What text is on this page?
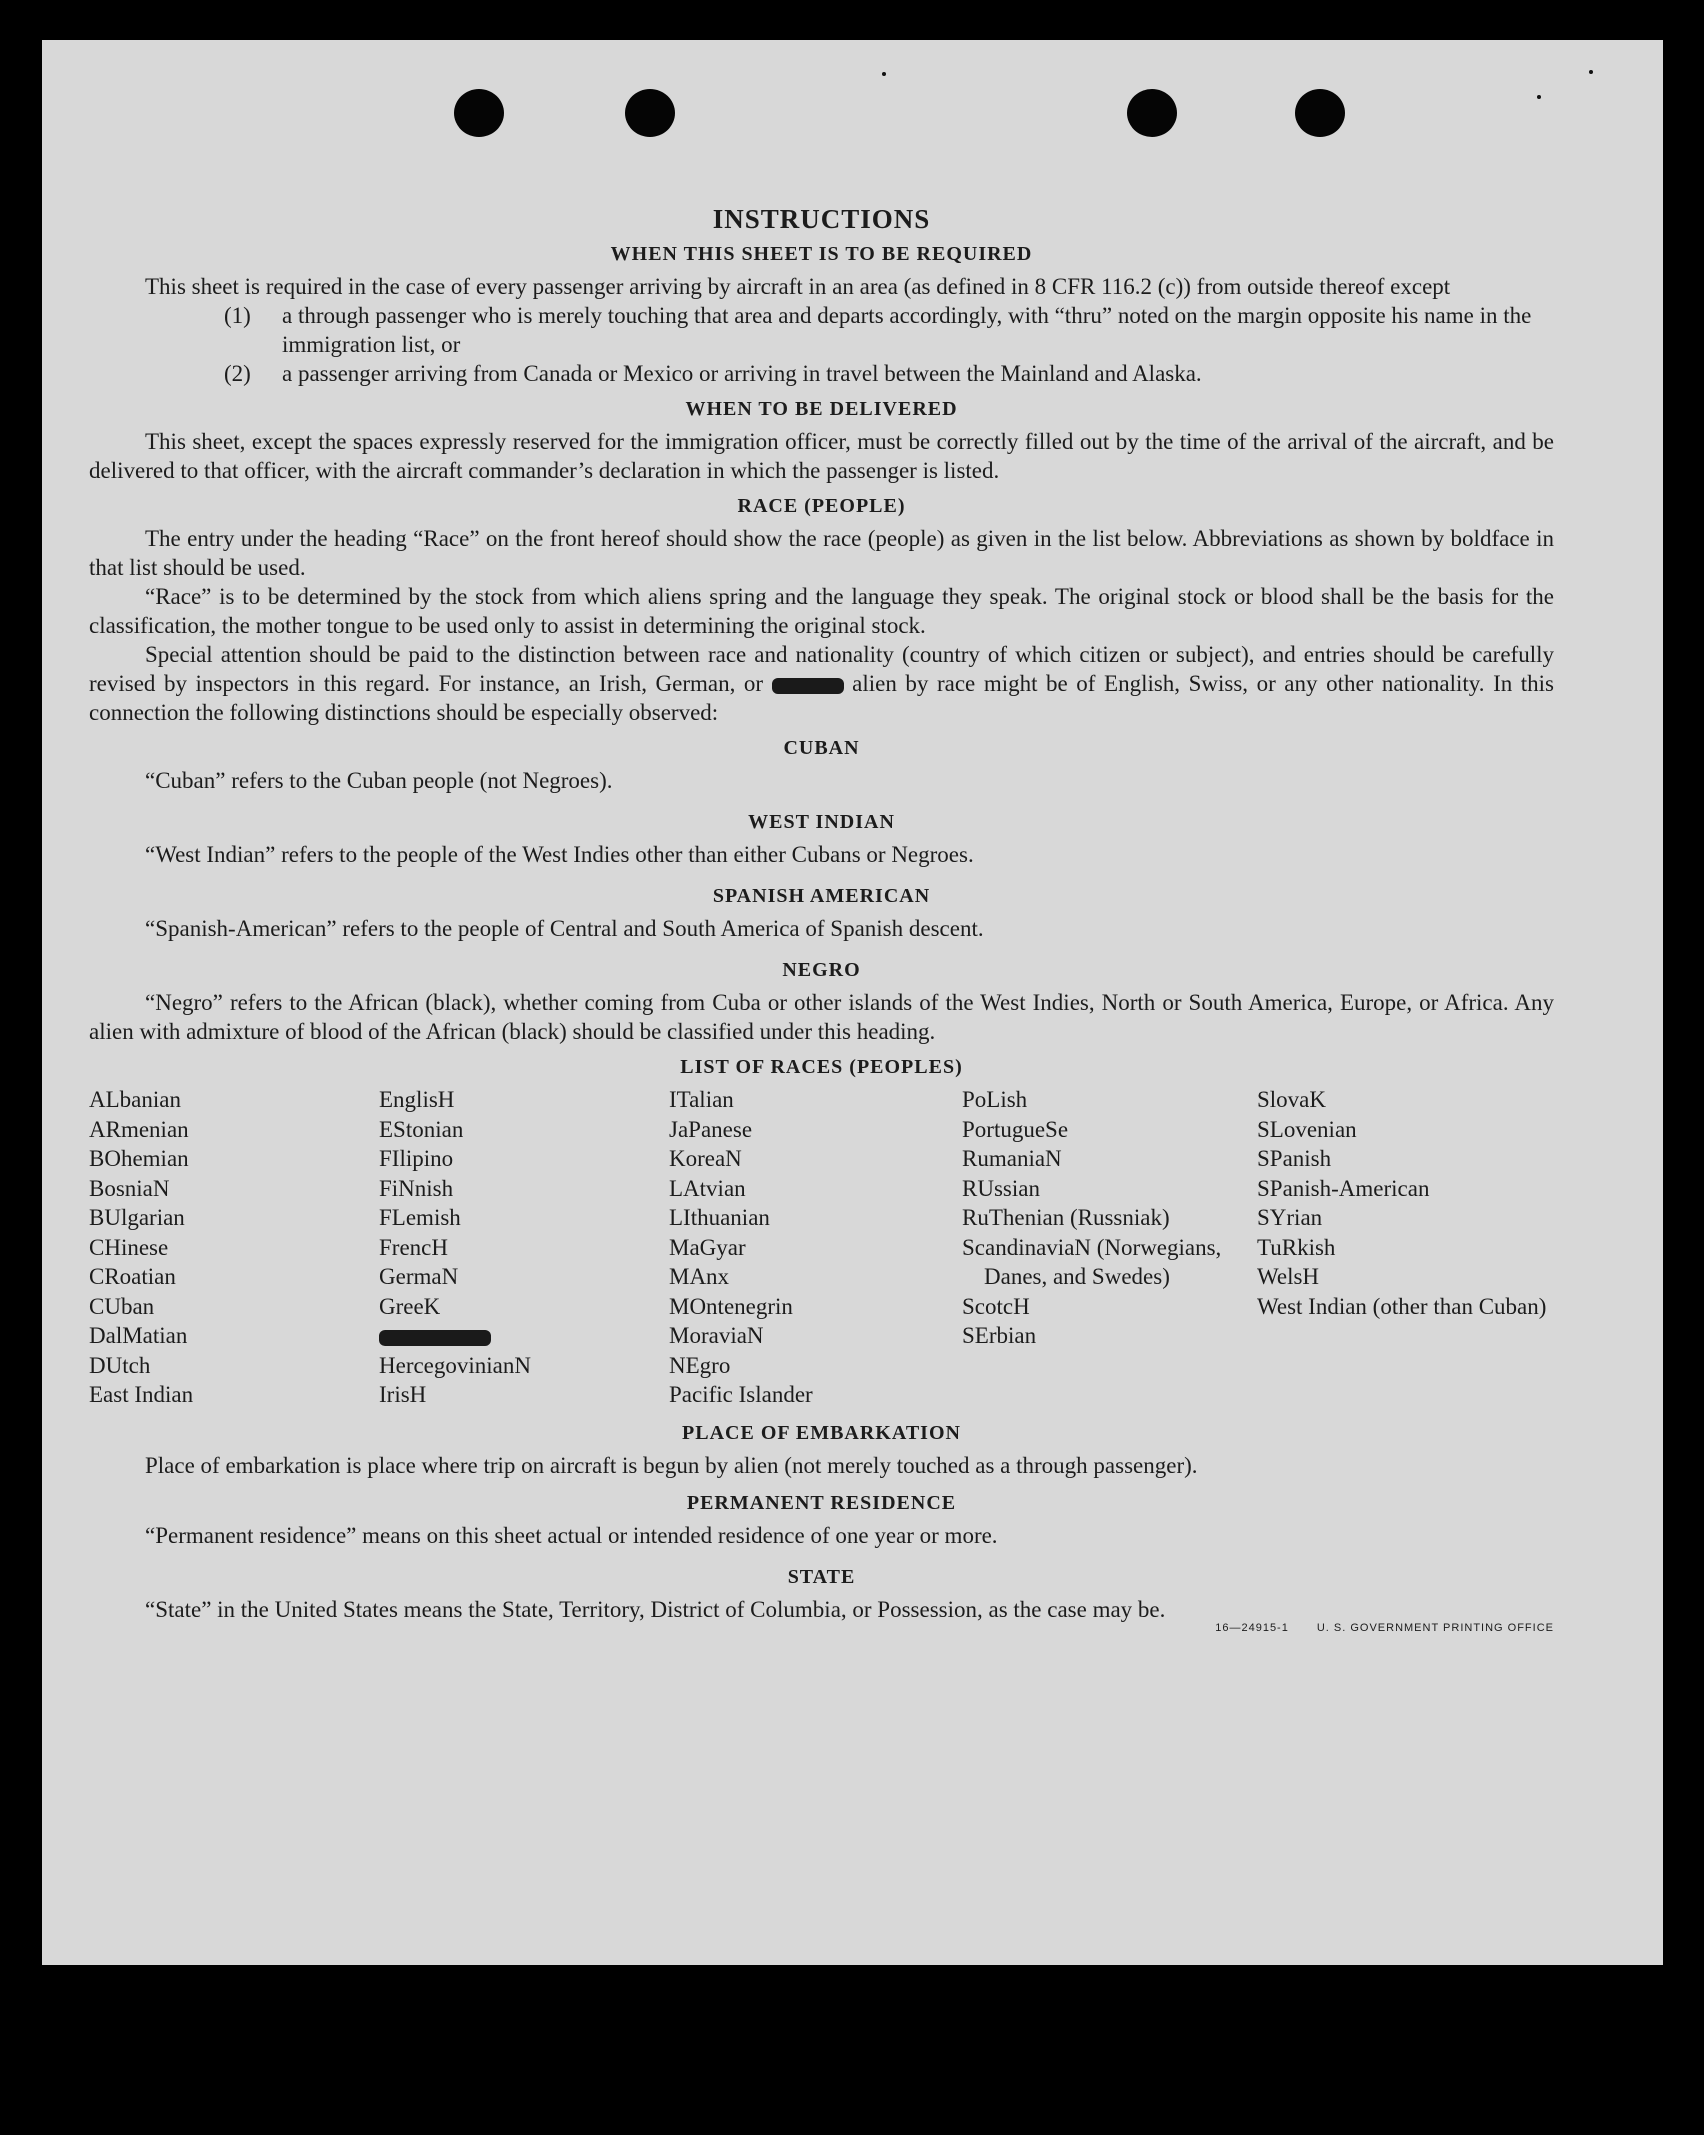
INSTRUCTIONS
WHEN THIS SHEET IS TO BE REQUIRED

This sheet is required in the case of every passenger arriving by aircraft in an area (as defined in 8 CFR 116.2 (c)) from outside thereof except

(1) a through passenger who is merely touching that area and departs accordingly, with “thru” noted on the margin opposite his name in the immigration list, or
(2) a passenger arriving from Canada or Mexico or arriving in travel between the Mainland and Alaska.
WHEN TO BE DELIVERED

This sheet, except the spaces expressly reserved for the immigration officer, must be correctly filled out by the time of the arrival of the aircraft, and be delivered to that officer, with the aircraft commander’s declaration in which the passenger is listed.

RACE (PEOPLE)

The entry under the heading “Race” on the front hereof should show the race (people) as given in the list below. Abbreviations as shown by boldface in that list should be used.

“Race” is to be determined by the stock from which aliens spring and the language they speak. The original stock or blood shall be the basis for the classification, the mother tongue to be used only to assist in determining the original stock.

Special attention should be paid to the distinction between race and nationality (country of which citizen or subject), and entries should be carefully revised by inspectors in this regard. For instance, an Irish, German, or	alien by race might be of English, Swiss, or any other nationality. In this connection the following distinctions should be especially observed:

CUBAN

“Cuban” refers to the Cuban people (not Negroes).

WEST INDIAN

“West Indian” refers to the people of the West Indies other than either Cubans or Negroes.

SPANISH AMERICAN

“Spanish-American” refers to the people of Central and South America of Spanish descent.

NEGRO

“Negro” refers to the African (black), whether coming from Cuba or other islands of the West Indies, North or South America, Europe, or Africa. Any alien with admixture of blood of the African (black) should be classified under this heading.

LIST OF RACES (PEOPLES)
ALbanian
ARmenian
BOhemian
BosniaN
BUlgarian
CHinese
CRoatian
CUban
DalMatian
DUtch
East Indian
EnglisH
EStonian
FIlipino
FiNnish
FLemish
FrencH
GermaN
GreeK
HercegovinianN
IrisH
ITalian
JaPanese
KoreaN
LAtvian
LIthuanian
MaGyar
MAnx
MOntenegrin
MoraviaN
NEgro
Pacific Islander
PoLish
PortugueSe
RumaniaN
RUssian
RuThenian (Russniak)
ScandinaviaN (Norwegians, Danes, and Swedes)
ScotcH
SErbian
SlovaK
SLovenian
SPanish
SPanish-American
SYrian
TuRkish
WelsH
West Indian (other than Cuban)
PLACE OF EMBARKATION

Place of embarkation is place where trip on aircraft is begun by alien (not merely touched as a through passenger).

PERMANENT RESIDENCE

“Permanent residence” means on this sheet actual or intended residence of one year or more.

STATE

“State” in the United States means the State, Territory, District of Columbia, or Possession, as the case may be.

16—24915-1	U. S. GOVERNMENT PRINTING OFFICE
